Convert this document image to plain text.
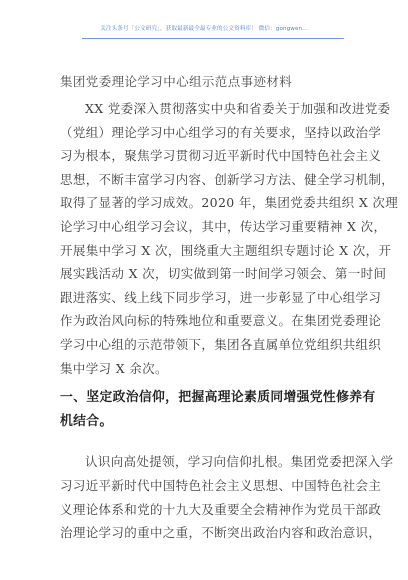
关注头条号「公文研究」，获取最新最全最专业的公文资料库！ 微信：gongwen...
集团党委理论学习中心组示范点事迹材料
XX 党委深入贯彻落实中央和省委关于加强和改进党委
（党组）理论学习中心组学习的有关要求，坚持以政治学
习为根本，聚焦学习贯彻习近平新时代中国特色社会主义
思想，不断丰富学习内容、创新学习方法、健全学习机制，
取得了显著的学习成效。2020 年，集团党委共组织 X 次理
论学习中心组学习会议，其中，传达学习重要精神 X 次，
开展集中学习 X 次，围绕重大主题组织专题讨论 X 次，开
展实践活动 X 次，切实做到第一时间学习领会、第一时间
跟进落实、线上线下同步学习，进一步彰显了中心组学习
作为政治风向标的特殊地位和重要意义。在集团党委理论
学习中心组的示范带领下，集团各直属单位党组织共组织
集中学习 X 余次。
一、坚定政治信仰，把握高理论素质同增强党性修养有
机结合。
认识向高处提领，学习向信仰扎根。集团党委把深入学
习习近平新时代中国特色社会主义思想、中国特色社会主
义理论体系和党的十九大及重要全会精神作为党员干部政
治理论学习的重中之重，不断突出政治内容和政治意识，
